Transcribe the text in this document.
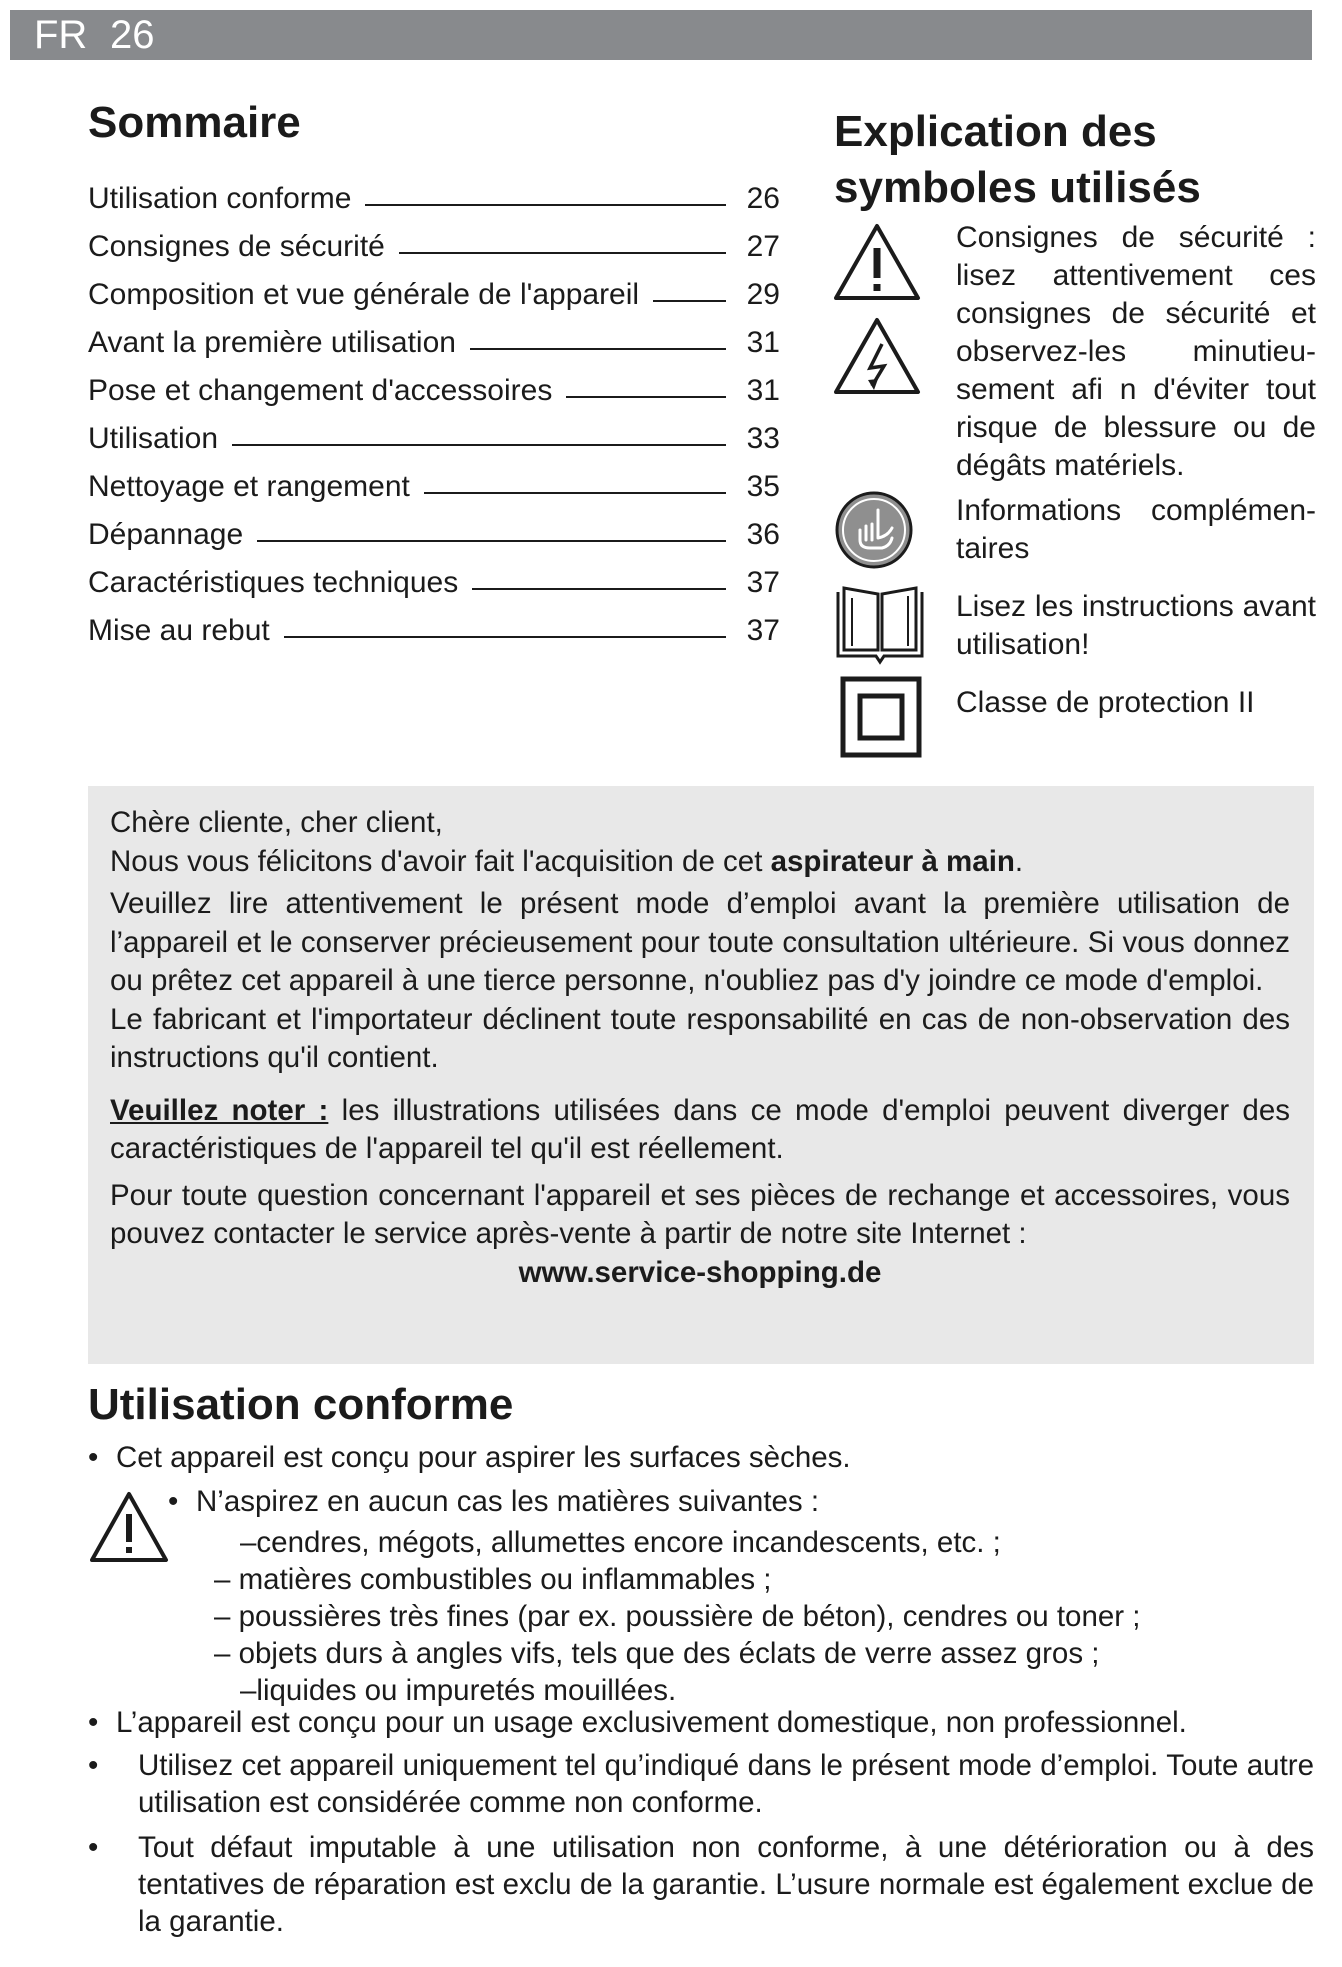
FR 26
Sommaire
Utilisation conforme	26
Consignes de sécurité	27
Composition et vue générale de l'appareil	29
Avant la première utilisation	31
Pose et changement d'accessoires	31
Utilisation	33
Nettoyage et rangement	35
Dépannage	36
Caractéristiques techniques	37
Mise au rebut	37
Explication des
symboles utilisés
Consignes de sécurité : lisez attentivement ces consignes de sécurité et observez-les minutieu-sement afi n d'éviter tout risque de blessure ou de dégâts matériels.
Informations complémen-taires
Lisez les instructions avant utilisation!
Classe de protection II

Chère cliente, cher client,

Nous vous félicitons d'avoir fait l'acquisition de cet aspirateur à main.

Veuillez lire attentivement le présent mode d’emploi avant la première utilisation de l’appareil et le conserver précieusement pour toute consultation ultérieure. Si vous donnez ou prêtez cet appareil à une tierce personne, n'oubliez pas d'y joindre ce mode d'emploi.

Le fabricant et l'importateur déclinent toute responsabilité en cas de non-observation des instructions qu'il contient.

Veuillez noter : les illustrations utilisées dans ce mode d'emploi peuvent diverger des caractéristiques de l'appareil tel qu'il est réellement.

Pour toute question concernant l'appareil et ses pièces de rechange et accessoires, vous pouvez contacter le service après-vente à partir de notre site Internet :

www.service-shopping.de

Utilisation conforme
• Cet appareil est conçu pour aspirer les surfaces sèches.
• N’aspirez en aucun cas les matières suivantes :
–cendres, mégots, allumettes encore incandescents, etc. ;
– matières combustibles ou inflammables ;
– poussières très fines (par ex. poussière de béton), cendres ou toner ;
– objets durs à angles vifs, tels que des éclats de verre assez gros ;
–liquides ou impuretés mouillées.
• L’appareil est conçu pour un usage exclusivement domestique, non professionnel.
• Utilisez cet appareil uniquement tel qu’indiqué dans le présent mode d’emploi. Toute autre utilisation est considérée comme non conforme.
• Tout défaut imputable à une utilisation non conforme, à une détérioration ou à des tentatives de réparation est exclu de la garantie. L’usure normale est également exclue de la garantie.
